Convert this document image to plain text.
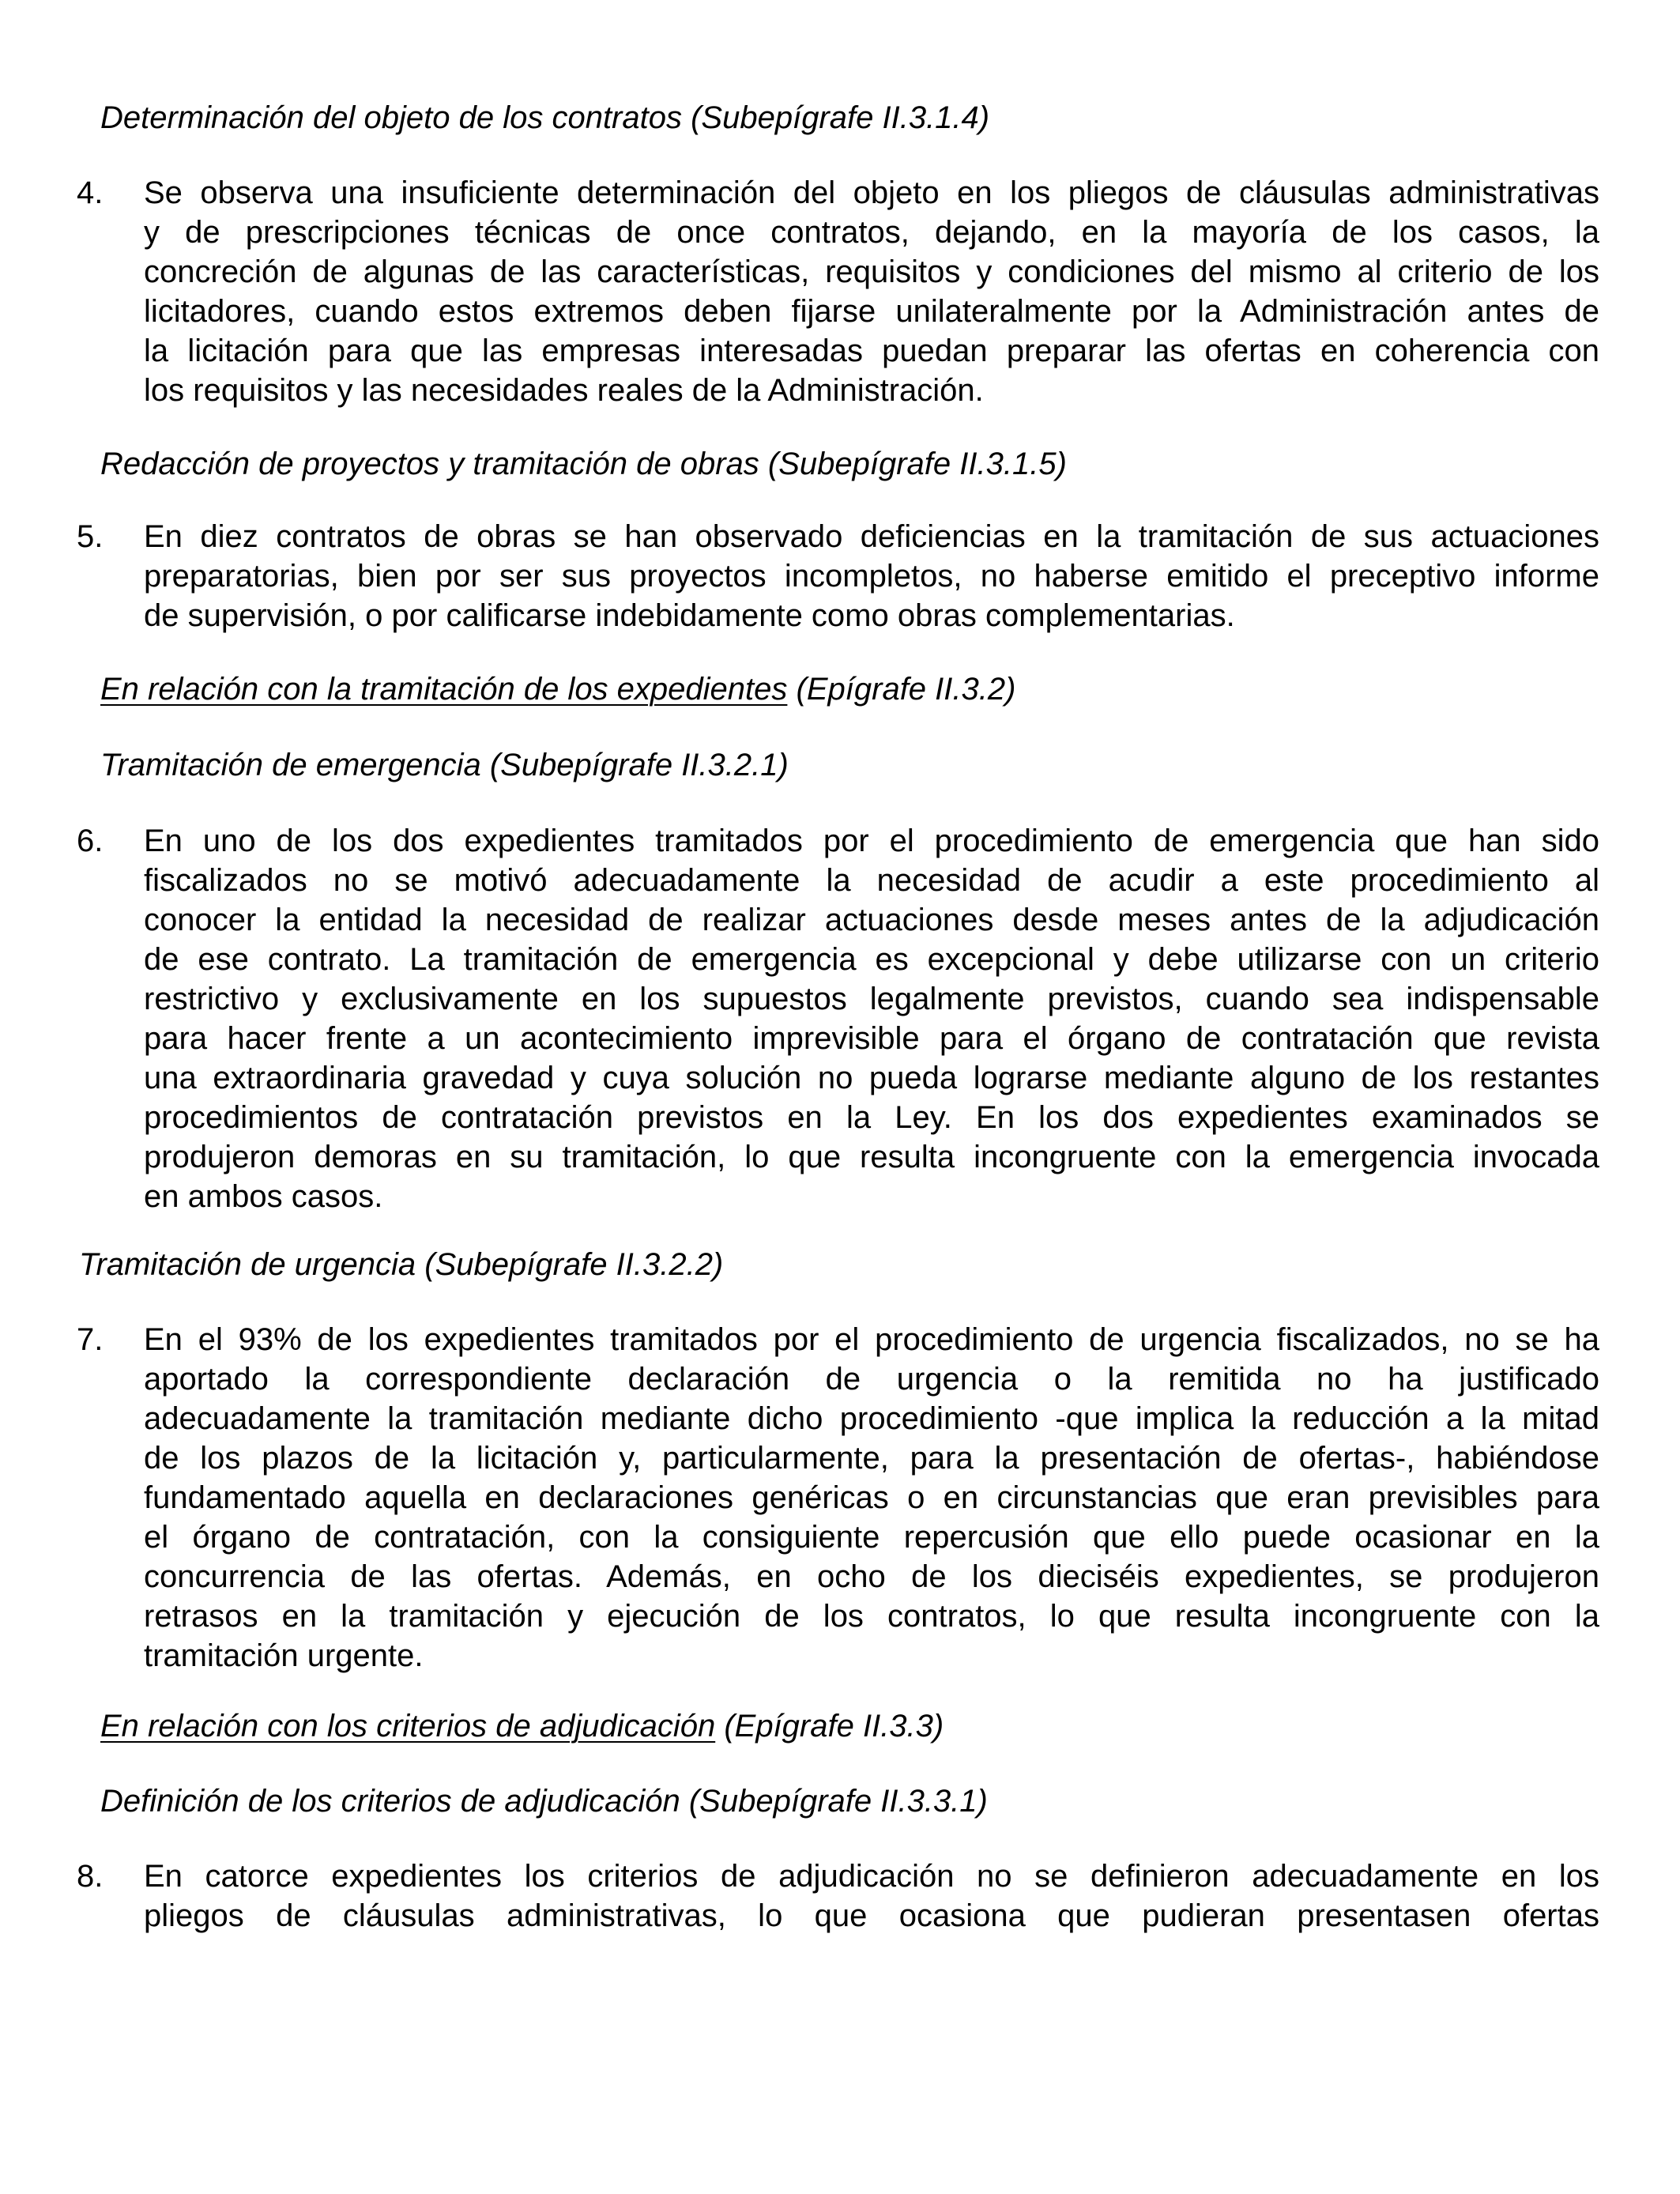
Determinación del objeto de los contratos (Subepígrafe II.3.1.4)
4. Se observa una insuficiente determinación del objeto en los pliegos de cláusulas administrativas
y de prescripciones técnicas de once contratos, dejando, en la mayoría de los casos, la
concreción de algunas de las características, requisitos y condiciones del mismo al criterio de los
licitadores, cuando estos extremos deben fijarse unilateralmente por la Administración antes de
la licitación para que las empresas interesadas puedan preparar las ofertas en coherencia con
los requisitos y las necesidades reales de la Administración.
Redacción de proyectos y tramitación de obras (Subepígrafe II.3.1.5)
5. En diez contratos de obras se han observado deficiencias en la tramitación de sus actuaciones
preparatorias, bien por ser sus proyectos incompletos, no haberse emitido el preceptivo informe
de supervisión, o por calificarse indebidamente como obras complementarias.
En relación con la tramitación de los expedientes (Epígrafe II.3.2)
Tramitación de emergencia (Subepígrafe II.3.2.1)
6. En uno de los dos expedientes tramitados por el procedimiento de emergencia que han sido
fiscalizados no se motivó adecuadamente la necesidad de acudir a este procedimiento al
conocer la entidad la necesidad de realizar actuaciones desde meses antes de la adjudicación
de ese contrato. La tramitación de emergencia es excepcional y debe utilizarse con un criterio
restrictivo y exclusivamente en los supuestos legalmente previstos, cuando sea indispensable
para hacer frente a un acontecimiento imprevisible para el órgano de contratación que revista
una extraordinaria gravedad y cuya solución no pueda lograrse mediante alguno de los restantes
procedimientos de contratación previstos en la Ley. En los dos expedientes examinados se
produjeron demoras en su tramitación, lo que resulta incongruente con la emergencia invocada
en ambos casos.
Tramitación de urgencia (Subepígrafe II.3.2.2)
7. En el 93% de los expedientes tramitados por el procedimiento de urgencia fiscalizados, no se ha
aportado la correspondiente declaración de urgencia o la remitida no ha justificado
adecuadamente la tramitación mediante dicho procedimiento -que implica la reducción a la mitad
de los plazos de la licitación y, particularmente, para la presentación de ofertas-, habiéndose
fundamentado aquella en declaraciones genéricas o en circunstancias que eran previsibles para
el órgano de contratación, con la consiguiente repercusión que ello puede ocasionar en la
concurrencia de las ofertas. Además, en ocho de los dieciséis expedientes, se produjeron
retrasos en la tramitación y ejecución de los contratos, lo que resulta incongruente con la
tramitación urgente.
En relación con los criterios de adjudicación (Epígrafe II.3.3)
Definición de los criterios de adjudicación (Subepígrafe II.3.3.1)
8. En catorce expedientes los criterios de adjudicación no se definieron adecuadamente en los
pliegos de cláusulas administrativas, lo que ocasiona que pudieran presentasen ofertas
